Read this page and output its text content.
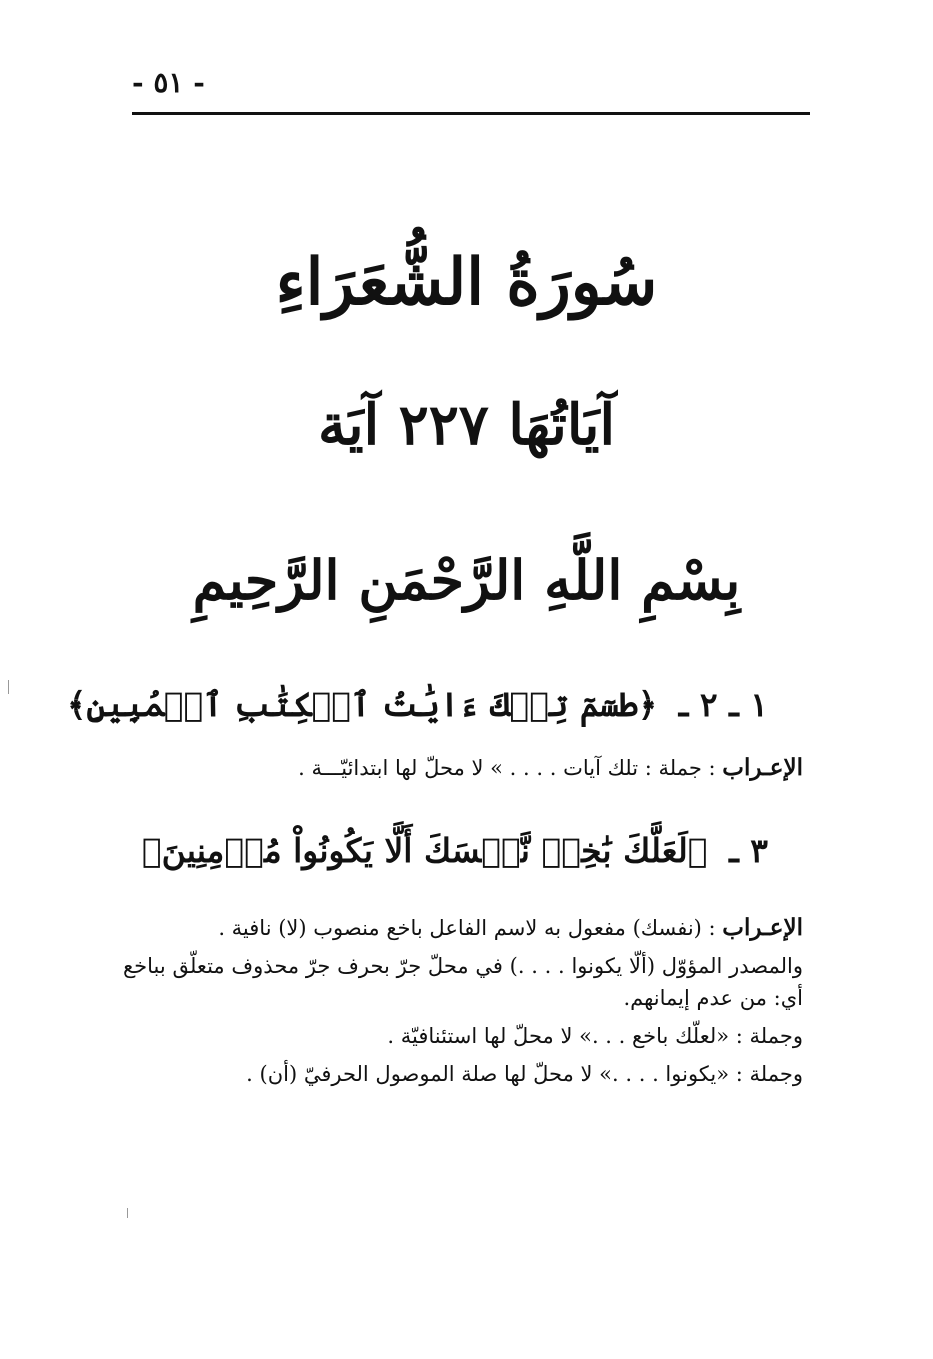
- ٥١ -
سُورَةُ الشُّعَرَاءِ
آيَاتُهَا ٢٢٧ آيَة
بِسْمِ اللَّهِ الرَّحْمَنِ الرَّحِيمِ
١ ـ ٢ ـ ﴿طسٓمٓ تِلۡكَ ءَايَٰتُ ٱلۡكِتَٰبِ ٱلۡمُبِينِ﴾

الإعـراب : جملة : تلك آيات . . . . » لا محلّ لها ابتدائيّـــة .

٣ ـ ﴿لَعَلَّكَ بَٰخِعٞ نَّفۡسَكَ أَلَّا يَكُونُواْ مُؤۡمِنِينَ﴾

الإعـراب : (نفسك) مفعول به لاسم الفاعل باخع منصوب (لا) نافية .

والمصدر المؤوّل (ألّا يكونوا . . . .) في محلّ جرّ بحرف جرّ محذوف متعلّق بباخع أي: من عدم إيمانهم.

وجملة : «لعلّك باخع . . .» لا محلّ لها استئنافيّة .

وجملة : «يكونوا . . . .» لا محلّ لها صلة الموصول الحرفيّ (أن) .
